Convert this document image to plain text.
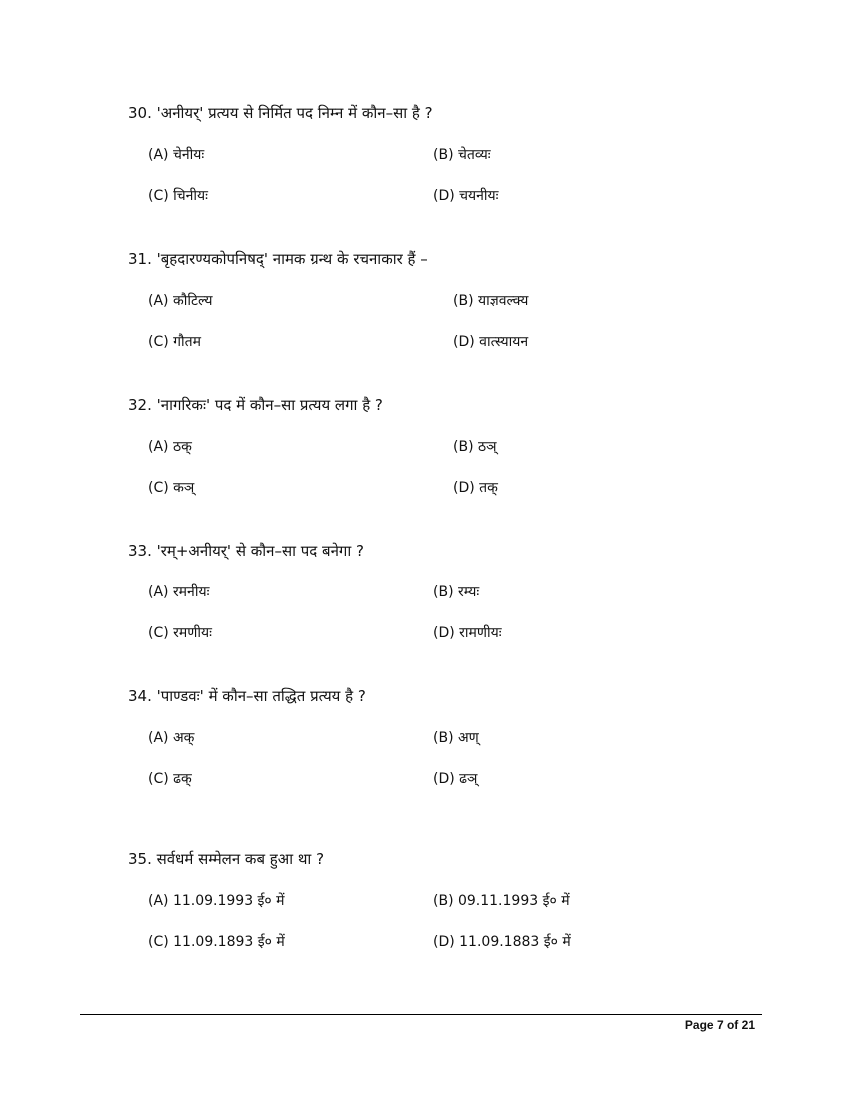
30. 'अनीयर्' प्रत्यय से निर्मित पद निम्न में कौन–सा है ?
(A) चेनीयः	(B) चेतव्यः
(C) चिनीयः	(D) चयनीयः
31. 'बृहदारण्यकोपनिषद्' नामक ग्रन्थ के रचनाकार हैं –
(A) कौटिल्य	(B) याज्ञवल्क्य
(C) गौतम	(D) वात्स्यायन
32. 'नागरिकः' पद में कौन–सा प्रत्यय लगा है ?
(A) ठक्	(B) ठञ्
(C) कञ्	(D) तक्
33. 'रम्+अनीयर्' से कौन–सा पद बनेगा ?
(A) रमनीयः	(B) रम्यः
(C) रमणीयः	(D) रामणीयः
34. 'पाण्डवः' में कौन–सा तद्धित प्रत्यय है ?
(A) अक्	(B) अण्
(C) ढक्	(D) ढञ्
35. सर्वधर्म सम्मेलन कब हुआ था ?
(A) 11.09.1993 ई० में	(B) 09.11.1993 ई० में
(C) 11.09.1893 ई० में	(D) 11.09.1883 ई० में
Page 7 of 21
